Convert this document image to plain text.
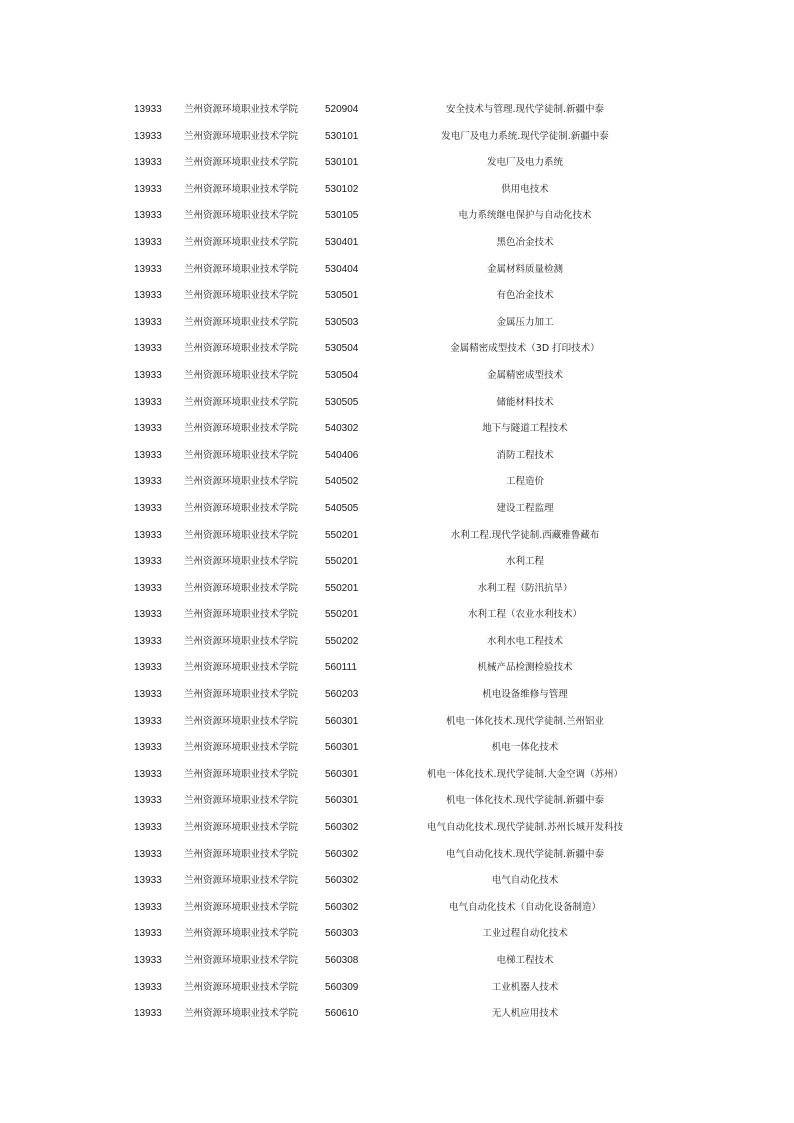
13933	兰州资源环境职业技术学院	520904	安全技术与管理.现代学徒制.新疆中泰
13933	兰州资源环境职业技术学院	530101	发电厂及电力系统.现代学徒制.新疆中泰
13933	兰州资源环境职业技术学院	530101	发电厂及电力系统
13933	兰州资源环境职业技术学院	530102	供用电技术
13933	兰州资源环境职业技术学院	530105	电力系统继电保护与自动化技术
13933	兰州资源环境职业技术学院	530401	黑色冶金技术
13933	兰州资源环境职业技术学院	530404	金属材料质量检测
13933	兰州资源环境职业技术学院	530501	有色冶金技术
13933	兰州资源环境职业技术学院	530503	金属压力加工
13933	兰州资源环境职业技术学院	530504	金属精密成型技术（3D 打印技术）
13933	兰州资源环境职业技术学院	530504	金属精密成型技术
13933	兰州资源环境职业技术学院	530505	储能材料技术
13933	兰州资源环境职业技术学院	540302	地下与隧道工程技术
13933	兰州资源环境职业技术学院	540406	消防工程技术
13933	兰州资源环境职业技术学院	540502	工程造价
13933	兰州资源环境职业技术学院	540505	建设工程监理
13933	兰州资源环境职业技术学院	550201	水利工程.现代学徒制.西藏雅鲁藏布
13933	兰州资源环境职业技术学院	550201	水利工程
13933	兰州资源环境职业技术学院	550201	水利工程（防汛抗旱）
13933	兰州资源环境职业技术学院	550201	水利工程（农业水利技术）
13933	兰州资源环境职业技术学院	550202	水利水电工程技术
13933	兰州资源环境职业技术学院	560111	机械产品检测检验技术
13933	兰州资源环境职业技术学院	560203	机电设备维修与管理
13933	兰州资源环境职业技术学院	560301	机电一体化技术.现代学徒制.兰州铝业
13933	兰州资源环境职业技术学院	560301	机电一体化技术
13933	兰州资源环境职业技术学院	560301	机电一体化技术.现代学徒制.大金空调（苏州）
13933	兰州资源环境职业技术学院	560301	机电一体化技术.现代学徒制.新疆中泰
13933	兰州资源环境职业技术学院	560302	电气自动化技术.现代学徒制.苏州长城开发科技
13933	兰州资源环境职业技术学院	560302	电气自动化技术.现代学徒制.新疆中泰
13933	兰州资源环境职业技术学院	560302	电气自动化技术
13933	兰州资源环境职业技术学院	560302	电气自动化技术（自动化设备制造）
13933	兰州资源环境职业技术学院	560303	工业过程自动化技术
13933	兰州资源环境职业技术学院	560308	电梯工程技术
13933	兰州资源环境职业技术学院	560309	工业机器人技术
13933	兰州资源环境职业技术学院	560610	无人机应用技术
